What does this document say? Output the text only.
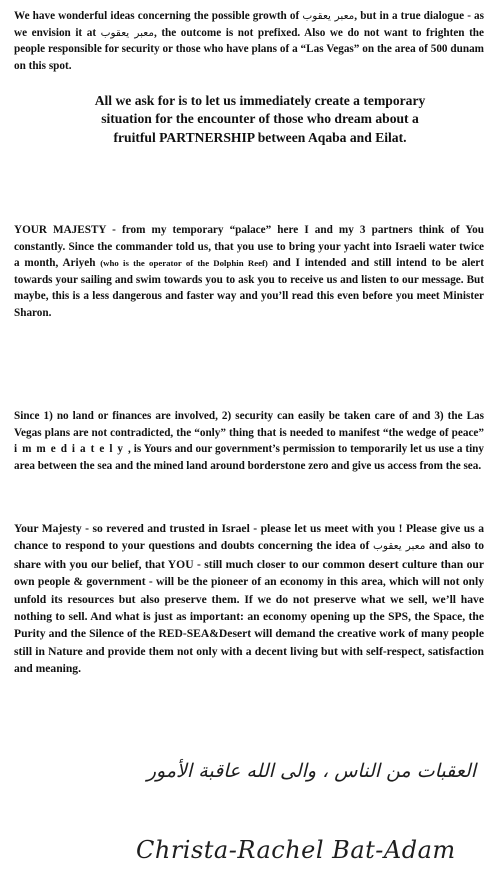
We have wonderful ideas concerning the possible growth of معبر يعقوب, but in a true dialogue - as we envision it at معبر يعقوب, the outcome is not prefixed. Also we do not want to frighten the people responsible for security or those who have plans of a “Las Vegas” on the area of 500 dunam on this spot.
All we ask for is to let us immediately create a temporary situation for the encounter of those who dream about a fruitful PARTNERSHIP between Aqaba and Eilat.
YOUR MAJESTY - from my temporary “palace” here I and my 3 partners think of You constantly. Since the commander told us, that you use to bring your yacht into Israeli water twice a month, Ariyeh (who is the operator of the Dolphin Reef) and I intended and still intend to be alert towards your sailing and swim towards you to ask you to receive us and listen to our message. But maybe, this is a less dangerous and faster way and you’ll read this even before you meet Minister Sharon.
Since 1) no land or finances are involved, 2) security can easily be taken care of and 3) the Las Vegas plans are not contradicted, the “only” thing that is needed to manifest “the wedge of peace” immediately, is Yours and our government’s permission to temporarily let us use a tiny area between the sea and the mined land around borderstone zero and give us access from the sea.
Your Majesty - so revered and trusted in Israel - please let us meet with you ! Please give us a chance to respond to your questions and doubts concerning the idea of معبر يعقوب and also to share with you our belief, that YOU - still much closer to our common desert culture than our own people & government - will be the pioneer of an economy in this area, which will not only unfold its resources but also preserve them. If we do not preserve what we sell, we’ll have nothing to sell. And what is just as important: an economy opening up the SPS, the Space, the Purity and the Silence of the RED-SEA&Desert will demand the creative work of many people still in Nature and provide them not only with a decent living but with self-respect, satisfaction and meaning.
العقبات من الناس ، والى الله عاقبة الأمور
Christa-Rachel Bat-Adam
